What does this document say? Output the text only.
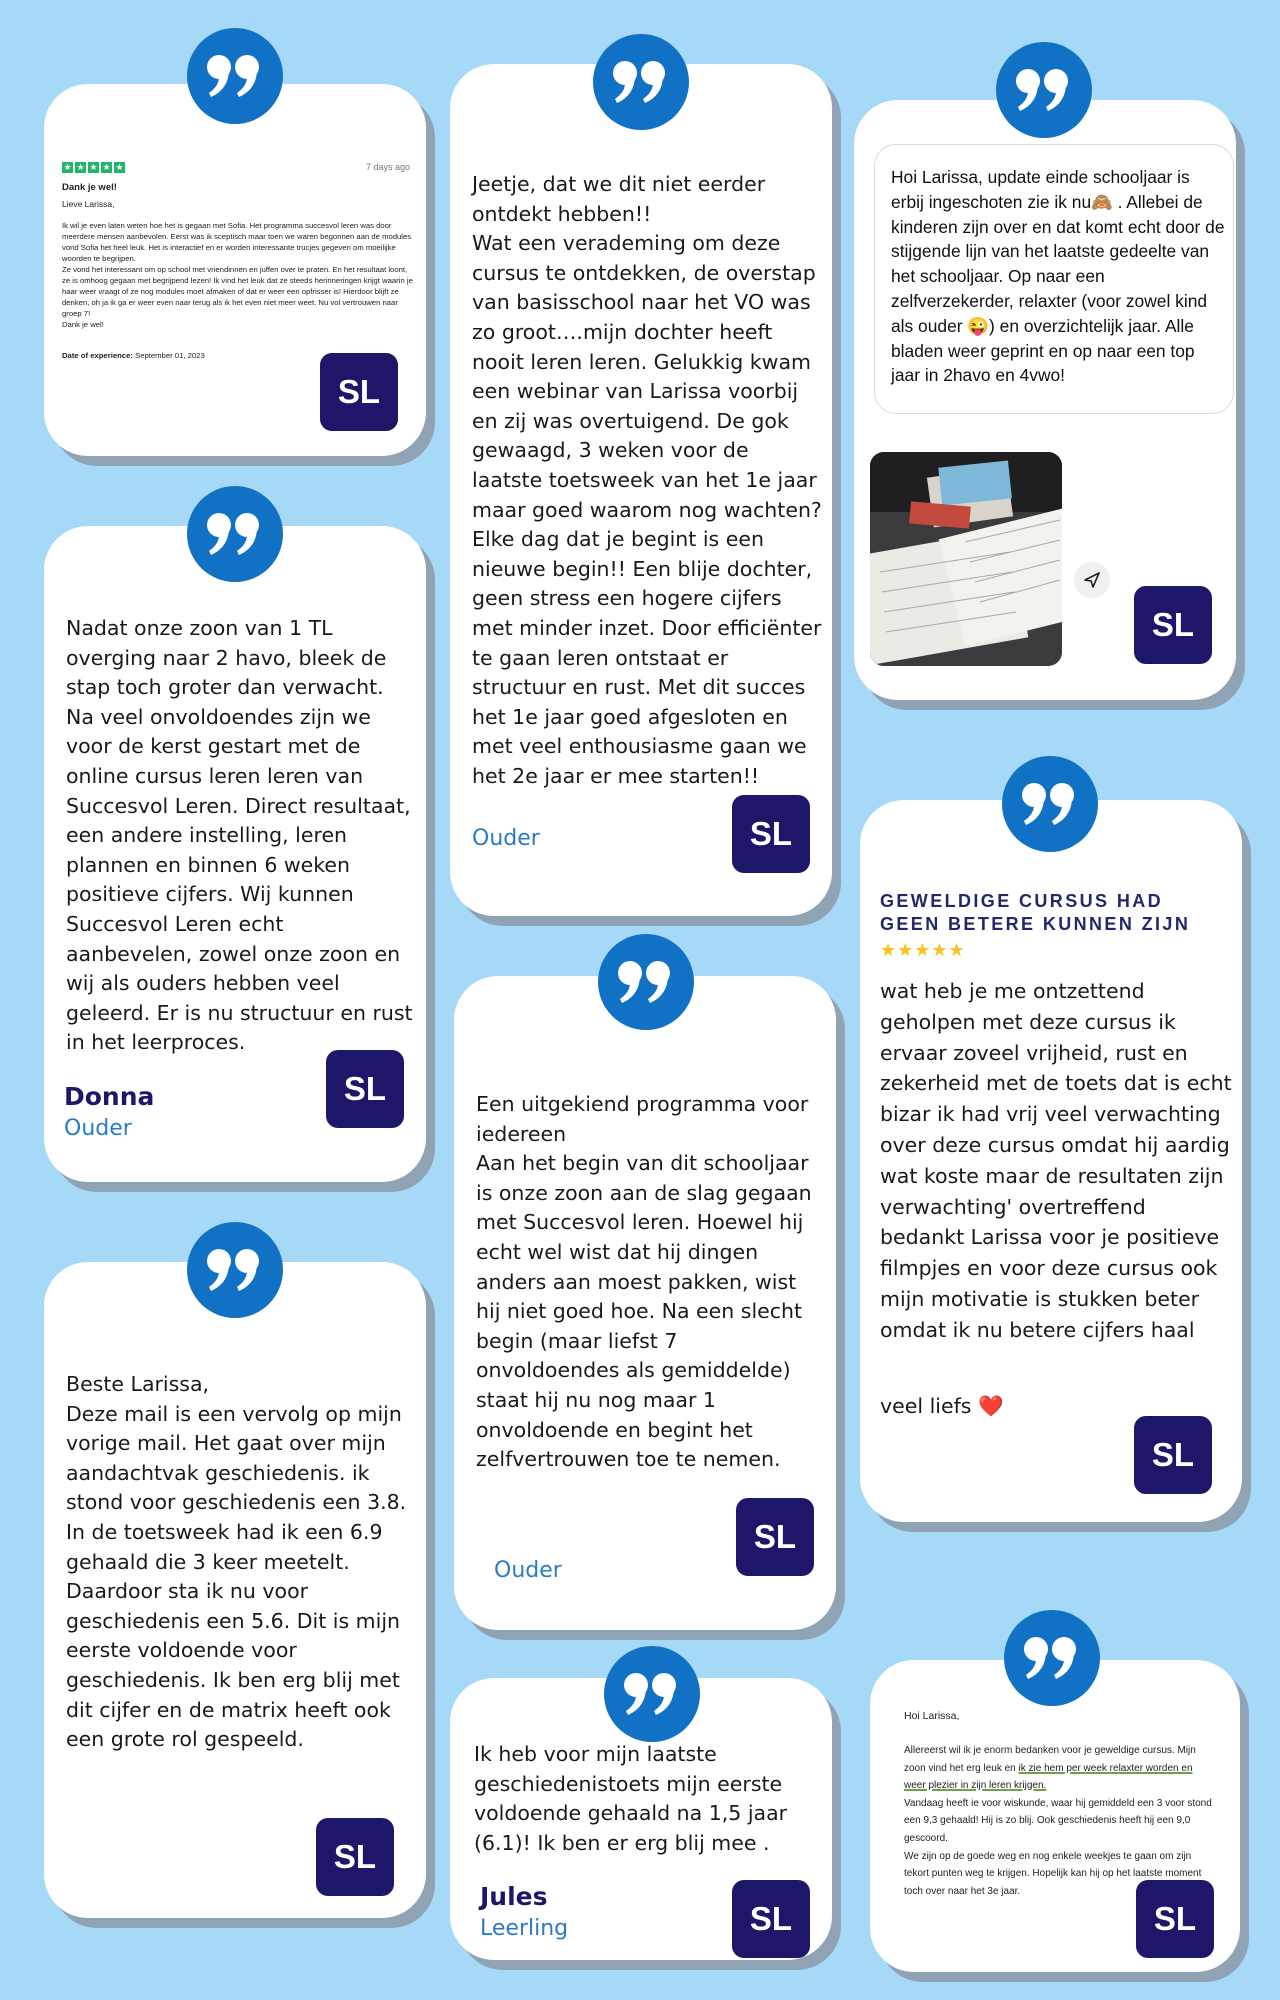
★ ★ ★ ★ ★	7 days ago
Dank je wel!
Lieve Larissa,
Ik wil je even laten weten hoe het is gegaan met Sofia. Het programma succesvol leren was door meerdere mensen aanbevolen. Eerst was ik sceptisch maar toen we waren begonnen aan de modules vond Sofia het heel leuk. Het is interactief en er worden interessante trucjes gegeven om moeilijke woorden te begrijpen.
Ze vond het interessant om op school met vriendinnen en juffen over te praten. En het resultaat loont, ze is omhoog gegaan met begrijpend lezen! Ik vind het leuk dat ze steeds herinneringen krijgt waarin je haar weer vraagt of ze nog modules moet afmaken of dat er weer een opfrisser is! Hierdoor blijft ze denken, oh ja ik ga er weer even naar terug als ik het even niet meer weet. Nu vol vertrouwen naar groep 7!
Dank je wel!
Date of experience: September 01, 2023
SL

Jeetje, dat we dit niet eerder ontdekt hebben!!
Wat een verademing om deze cursus te ontdekken, de overstap van basisschool naar het VO was zo groot….mijn dochter heeft nooit leren leren. Gelukkig kwam een webinar van Larissa voorbij en zij was overtuigend. De gok gewaagd, 3 weken voor de laatste toetsweek van het 1e jaar maar goed waarom nog wachten? Elke dag dat je begint is een nieuwe begin!! Een blije dochter, geen stress een hogere cijfers met minder inzet. Door efficiënter te gaan leren ontstaat er structuur en rust. Met dit succes het 1e jaar goed afgesloten en met veel enthousiasme gaan we het 2e jaar er mee starten!!

Ouder	SL
Hoi Larissa, update einde schooljaar is erbij ingeschoten zie ik nu🙈 . Allebei de kinderen zijn over en dat komt echt door de stijgende lijn van het laatste gedeelte van het schooljaar. Op naar een zelfverzekerder, relaxter (voor zowel kind als ouder 😜) en overzichtelijk jaar. Alle bladen weer geprint en op naar een top jaar in 2havo en 4vwo!
SL

Nadat onze zoon van 1 TL overging naar 2 havo, bleek de stap toch groter dan verwacht. Na veel onvoldoendes zijn we voor de kerst gestart met de online cursus leren leren van Succesvol Leren. Direct resultaat, een andere instelling, leren plannen en binnen 6 weken positieve cijfers. Wij kunnen Succesvol Leren echt aanbevelen, zowel onze zoon en wij als ouders hebben veel geleerd. Er is nu structuur en rust in het leerproces.

Donna
Ouder
SL
GEWELDIGE CURSUS HAD GEEN BETERE KUNNEN ZIJN
★★★★★

wat heb je me ontzettend geholpen met deze cursus ik ervaar zoveel vrijheid, rust en zekerheid met de toets dat is echt bizar ik had vrij veel verwachting over deze cursus omdat hij aardig wat koste maar de resultaten zijn verwachting' overtreffend bedankt Larissa voor je positieve filmpjes en voor deze cursus ook mijn motivatie is stukken beter omdat ik nu betere cijfers haal

veel liefs ❤️

SL

Een uitgekiend programma voor iedereen
Aan het begin van dit schooljaar is onze zoon aan de slag gegaan met Succesvol leren. Hoewel hij echt wel wist dat hij dingen anders aan moest pakken, wist hij niet goed hoe. Na een slecht begin (maar liefst 7 onvoldoendes als gemiddelde) staat hij nu nog maar 1 onvoldoende en begint het zelfvertrouwen toe te nemen.

Ouder
SL

Beste Larissa,
Deze mail is een vervolg op mijn vorige mail. Het gaat over mijn aandachtvak geschiedenis. ik stond voor geschiedenis een 3.8. In de toetsweek had ik een 6.9 gehaald die 3 keer meetelt. Daardoor sta ik nu voor geschiedenis een 5.6. Dit is mijn eerste voldoende voor geschiedenis. Ik ben erg blij met dit cijfer en de matrix heeft ook een grote rol gespeeld.

SL

Ik heb voor mijn laatste geschiedenistoets mijn eerste voldoende gehaald na 1,5 jaar (6.1)! Ik ben er erg blij mee .

Jules
Leerling	SL
Hoi Larissa,
Allereerst wil ik je enorm bedanken voor je geweldige cursus. Mijn zoon vind het erg leuk en ik zie hem per week relaxter worden en weer plezier in zijn leren krijgen.
Vandaag heeft ie voor wiskunde, waar hij gemiddeld een 3 voor stond een 9,3 gehaald! Hij is zo blij. Ook geschiedenis heeft hij een 9,0 gescoord.
We zijn op de goede weg en nog enkele weekjes te gaan om zijn tekort punten weg te krijgen. Hopelijk kan hij op het laatste moment toch over naar het 3e jaar.
SL
